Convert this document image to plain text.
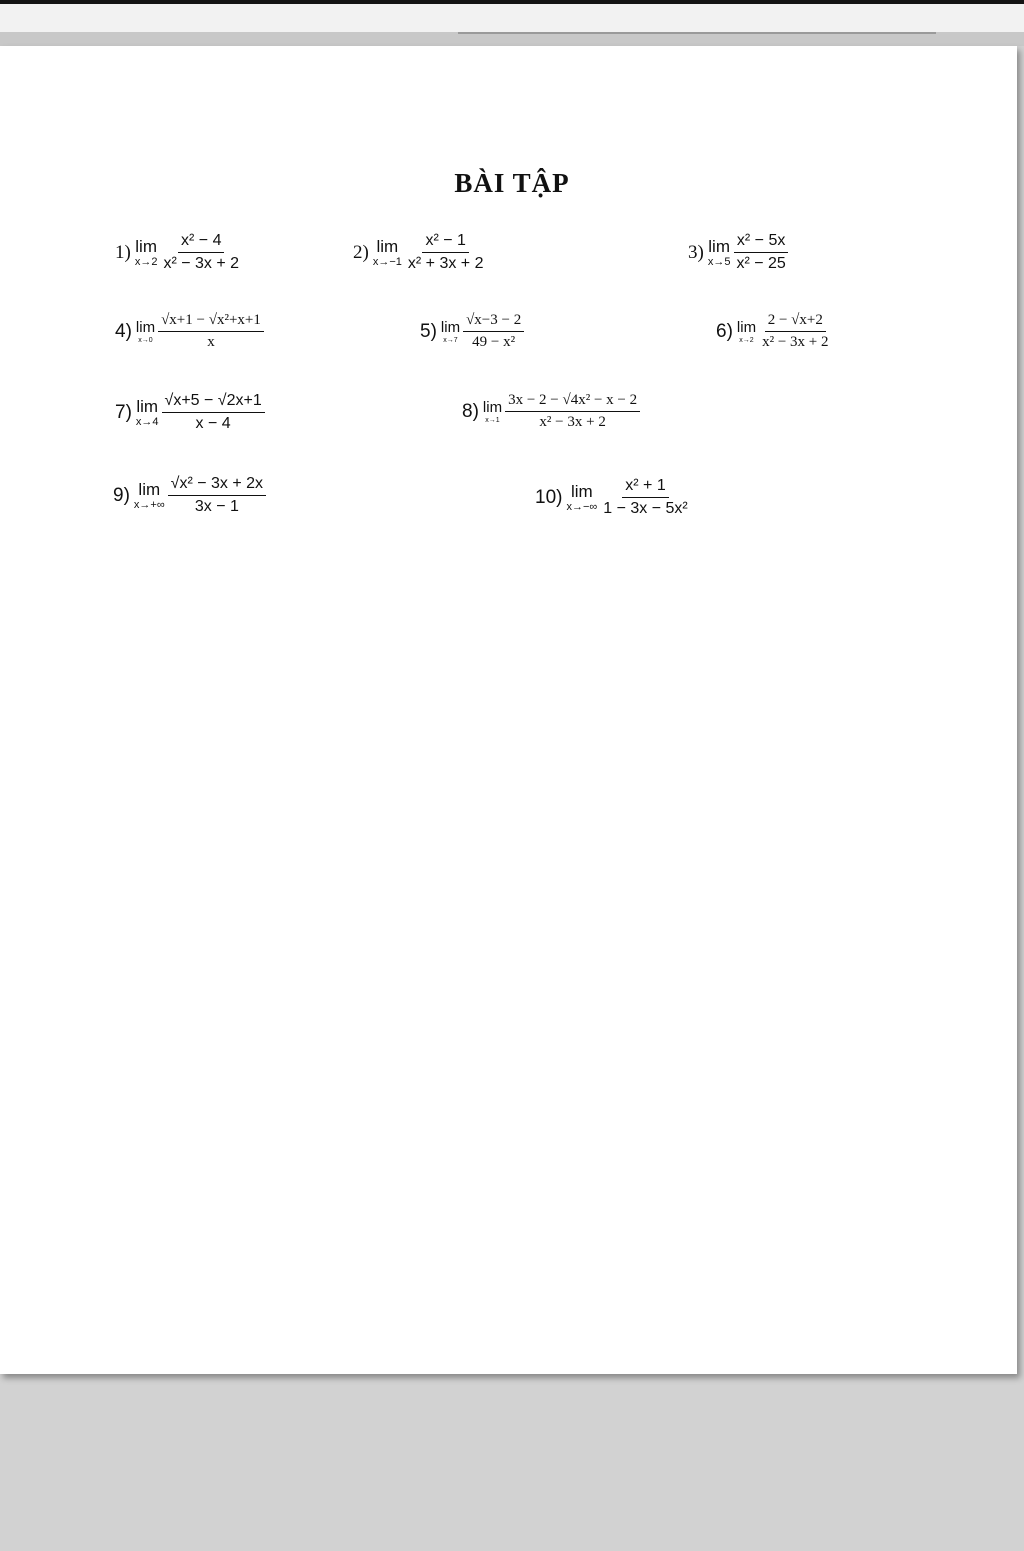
BÀI TẬP
1) lim
$x\to 2 \frac{\text{x² − 4}}{\text{x² − 3x + 2}}$	2) lim
$x\to-1 \frac{\text{x² − 1}}{\text{x² + 3x + 2}}$	3) lim
$x\to 5 \frac{\text{x² − 5x}}{\text{x² − 25}}$
4) lim
$x\to 0 \frac{\text{√x+1 − √x²+x+1}}{x}$	5) lim
$x\to 7 \frac{√x-3 - 2}{\text{49 − x²}}$	6) lim
$x\to 2 \frac{2 - √x+2}{\text{x² − 3x + 2}}$
7) lim
$x\to 4 \frac{√x+5 - √2x+1}{x - 4}$	8) lim
$x\to 1 \frac{\text{3x − 2 − √4x² − x − 2}}{\text{x² − 3x + 2}}$
9) lim
$x\to+\infty \frac{\text{√x² − 3x + 2x}}{3x - 1}$	10) lim
$x\to-\infty \frac{\text{x² + 1}}{\text{1 − 3x − 5x²}}$
